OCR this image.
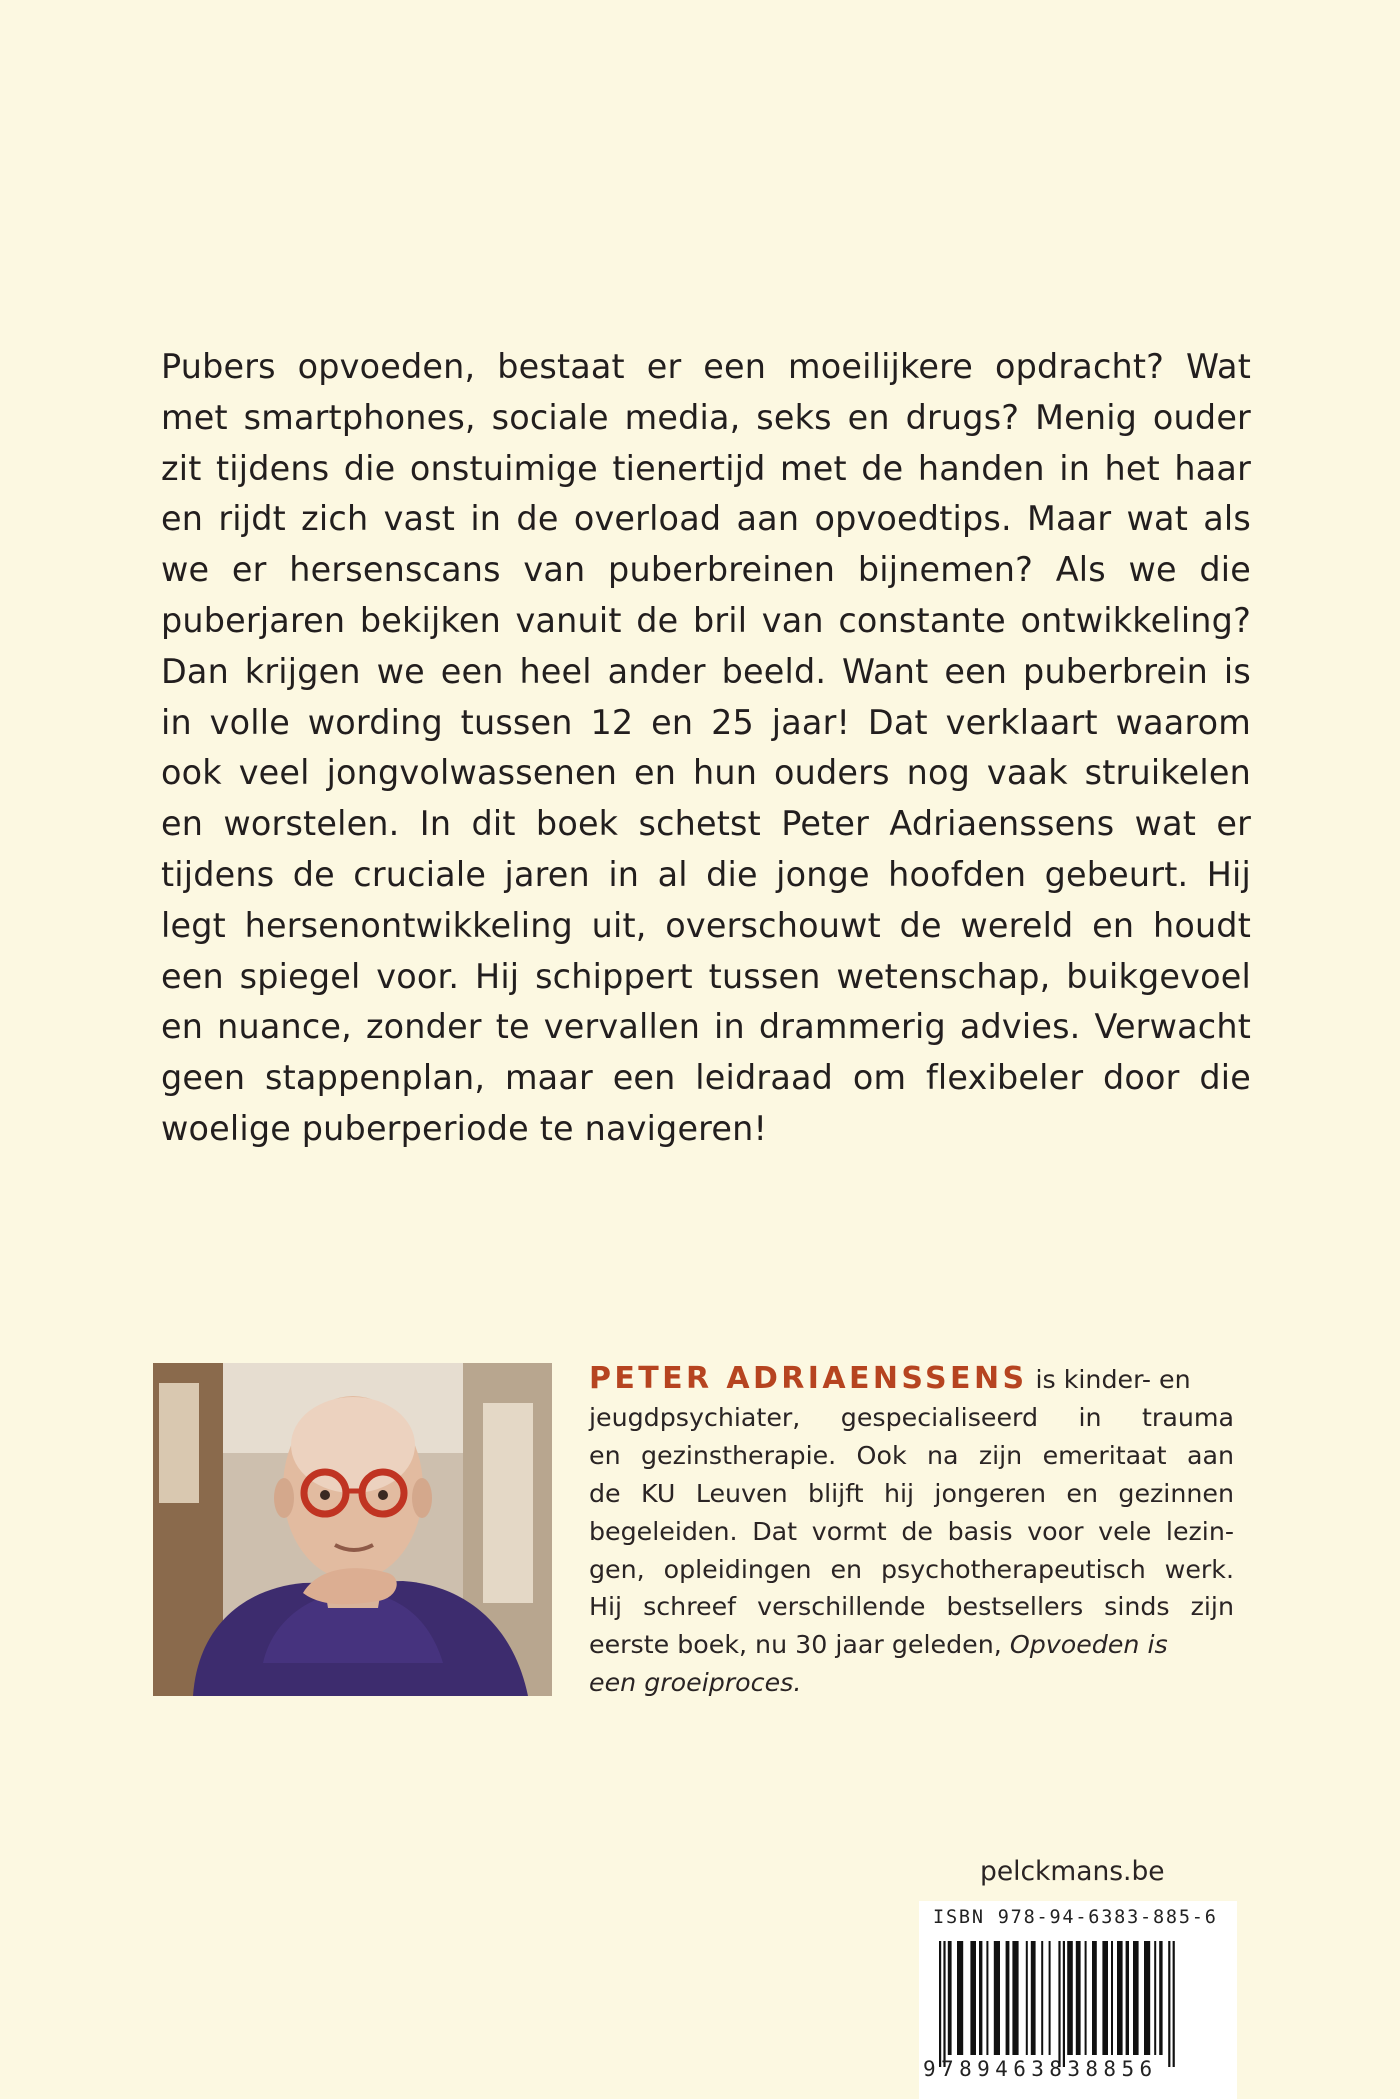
Pubers opvoeden, bestaat er een moeilijkere opdracht? Wat
met smartphones, sociale media, seks en drugs? Menig ouder
zit tijdens die onstuimige tienertijd met de handen in het haar
en rijdt zich vast in de overload aan opvoedtips. Maar wat als
we er hersenscans van puberbreinen bijnemen? Als we die
puberjaren bekijken vanuit de bril van constante ontwikkeling?
Dan krijgen we een heel ander beeld. Want een puberbrein is
in volle wording tussen 12 en 25 jaar! Dat verklaart waarom
ook veel jongvolwassenen en hun ouders nog vaak struikelen
en worstelen. In dit boek schetst Peter Adriaenssens wat er
tijdens de cruciale jaren in al die jonge hoofden gebeurt. Hij
legt hersenontwikkeling uit, overschouwt de wereld en houdt
een spiegel voor. Hij schippert tussen wetenschap, buikgevoel
en nuance, zonder te vervallen in drammerig advies. Verwacht
geen stappenplan, maar een leidraad om flexibeler door die
woelige puberperiode te navigeren!
PETER ADRIAENSSENS is kinder- en
jeugdpsychiater, gespecialiseerd in trauma
en gezinstherapie. Ook na zijn emeritaat aan
de KU Leuven blijft hij jongeren en gezinnen
begeleiden. Dat vormt de basis voor vele lezin-
gen, opleidingen en psychotherapeutisch werk.
Hij schreef verschillende bestsellers sinds zijn
eerste boek, nu 30 jaar geleden, Opvoeden is
een groeiproces.
pelckmans.be
ISBN 978-94-6383-885-6
9789463838856
